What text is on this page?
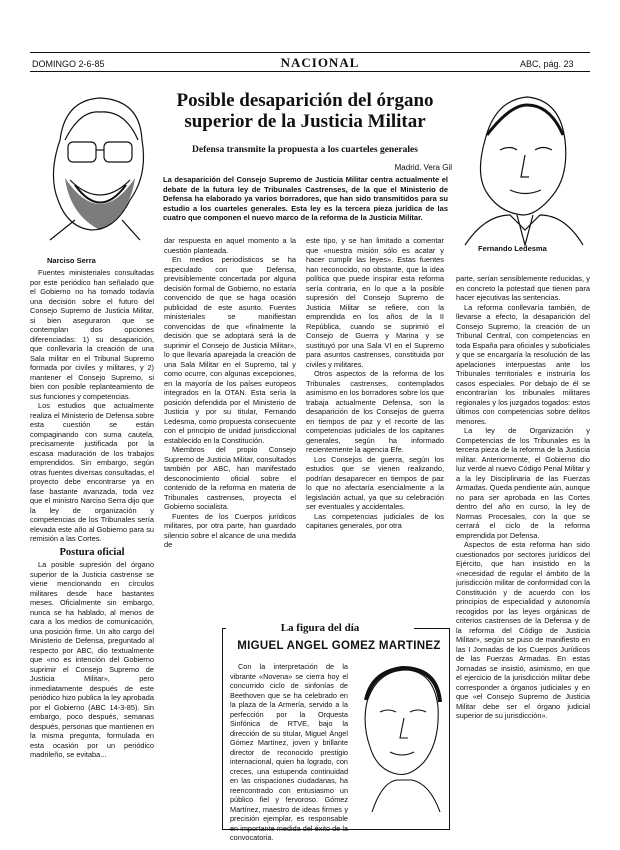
DOMINGO 2-6-85	NACIONAL	ABC, pág. 23
Narciso Serra
Fernando Ledesma
Posible desaparición del órgano superior de la Justicia Militar
Defensa transmite la propuesta a los cuarteles generales
Madrid. Vera Gil
La desaparición del Consejo Supremo de Justicia Militar centra actualmente el debate de la futura ley de Tribunales Castrenses, de la que el Ministerio de Defensa ha elaborado ya varios borradores, que han sido transmitidos para su estudio a los cuarteles generales. Esta ley es la tercera pieza jurídica de las cuatro que componen el nuevo marco de la reforma de la Justicia Militar.

Fuentes ministeriales consultadas por este periódico han señalado que el Gobierno no ha tomado todavía una decisión sobre el futuro del Consejo Supremo de Justicia Militar, si bien aseguraron que se contemplan dos opciones diferenciadas: 1) su desaparición, que conllevaría la creación de una Sala militar en el Tribunal Supremo formada por civiles y militares, y 2) mantener el Consejo Supremo, si bien con posible replanteamiento de sus funciones y competencias.

Los estudios que actualmente realiza el Ministerio de Defensa sobre esta cuestión se están compaginando con suma cautela, precisamente justificada por la escasa maduración de los trabajos emprendidos. Sin embargo, según otras fuentes diversas consultadas, el proyecto debe encontrarse ya en fase bastante avanzada, toda vez que el ministro Narciso Serra dijo que la ley de organización y competencias de los Tribunales sería elevada este año al Gobierno para su remisión a las Cortes.

Postura oficial

La posible supresión del órgano superior de la Justicia castrense se viene mencionando en círculos militares desde hace bastantes meses. Oficialmente sin embargo, nunca se ha hablado, al menos de cara a los medios de comunicación, una posición firme. Un alto cargo del Ministerio de Defensa, preguntado al respecto por ABC, dio textualmente que «no es intención del Gobierno suprimir el Consejo Supremo de Justicia Militar», pero inmediatamente después de este periódico hizo publica la ley aprobada por el Gobierno (ABC 14-3-85). Sin embargo, poco después, semanas después, personas que mantienen en la misma pregunta, formulada en esta ocasión por un periódico madrileño, se evitaba...

dar respuesta en aquel momento a la cuestión planteada.

En medios periodísticos se ha especulado con que Defensa, previsiblemente concertada por alguna decisión formal de Gobierno, no estaría convencido de que se haga ocasión publicidad de este asunto. Fuentes ministeriales se manifiestan convencidas de que «finalmente la decisión que se adoptará será la de suprimir el Consejo de Justicia Militar», lo que llevaría aparejada la creación de una Sala Militar en el Supremo, tal y como ocurre, con algunas excepciones, en la mayoría de los países europeos integrados en la OTAN. Esta sería la posición defendida por el Ministerio de Justicia y por su titular, Fernando Ledesma, como propuesta consecuente con el principio de unidad jurisdiccional establecido en la Constitución.

Miembros del propio Consejo Supremo de Justicia Militar, consultados también por ABC, han manifestado desconocimiento oficial sobre el contenido de la reforma en materia de Tribunales castrenses, proyecta el Gobierno socialista.

Fuentes de los Cuerpos jurídicos militares, por otra parte, han guardado silencio sobre el alcance de una medida de

este tipo, y se han limitado a comentar que «nuestra misión sólo es acatar y hacer cumplir las leyes». Estas fuentes han reconocido, no obstante, que la idea política que puede inspirar esta reforma sería contraria, en lo que a la posible supresión del Consejo Supremo de Justicia Militar se refiere, con la emprendida en los años de la II República, cuando se suprimió el Consejo de Guerra y Marina y se sustituyó por una Sala VI en el Supremo para asuntos castrenses, constituida por civiles y militares.

Otros aspectos de la reforma de los Tribunales castrenses, contemplados asimismo en los borradores sobre los que trabaja actualmente Defensa, son la desaparición de los Consejos de guerra en tiempos de paz y el recorte de las competencias judiciales de los capitanes generales, según ha informado recientemente la agencia Efe.

Los Consejos de guerra, según los estudios que se vienen realizando, podrían desaparecer en tiempos de paz lo que no afectaría esencialmente a la legislación actual, ya que su celebración ser eventuales y accidentales.

Las competencias judiciales de los capitanes generales, por otra

parte, serían sensiblemente reducidas, y en concreto la potestad que tienen para hacer ejecutivas las sentencias.

La reforma conllevaría también, de llevarse a efecto, la desaparición del Consejo Supremo, la creación de un Tribunal Central, con competencias en toda España para oficiales y suboficiales y que se encargaría la resolución de las apelaciones interpuestas ante los Tribunales territoriales e instruiría los casos especiales. Por debajo de él se encontrarían los tribunales militares regionales y los juzgados togados: estos últimos con competencias sobre delitos menores.

La ley de Organización y Competencias de los Tribunales es la tercera pieza de la reforma de la Justicia militar. Anteriormente, el Gobierno dio luz verde al nuevo Código Penal Militar y a la ley Disciplinaria de las Fuerzas Armadas. Queda pendiente aún, aunque no para ser aprobada en las Cortes dentro del año en curso, la ley de Normas Procesales, con la que se cerrará el ciclo de la reforma emprendida por Defensa.

Aspectos de esta reforma han sido cuestionados por sectores jurídicos del Ejército, que han insistido en la «necesidad de regular el ámbito de la jurisdicción militar de conformidad con la Constitución y de acuerdo con los principios de especialidad y autonomía recogidos por las leyes orgánicas de criterios castrenses de la Defensa y de la reforma del Código de Justicia Militar», según se puso de manifiesto en las I Jornadas de los Cuerpos Jurídicos de las Fuerzas Armadas. En estas Jornadas se insistió, asimismo, en que el ejercicio de la jurisdicción militar debe corresponder a órganos judiciales y en que «el Consejo Supremo de Justicia Militar debe ser el órgano judicial superior de su jurisdicción».

La figura del día
MIGUEL ANGEL GOMEZ MARTINEZ

Con la interpretación de la vibrante «Novena» se cierra hoy el concurrido ciclo de sinfonías de Beethoven que se ha celebrado en la plaza de la Armería, servido a la perfección por la Orquesta Sinfónica de RTVE, bajo la dirección de su titular, Miguel Ángel Gómez Martínez, joven y brillante director de reconocido prestigio internacional, quien ha logrado, con creces, una estupenda continuidad en las crispaciones ciudadanas, ha reencontrado con entusiasmo un público fiel y fervoroso. Gómez Martínez, maestro de ideas firmes y precisión ejemplar, es responsable en importante medida del éxito de la convocatoria.
